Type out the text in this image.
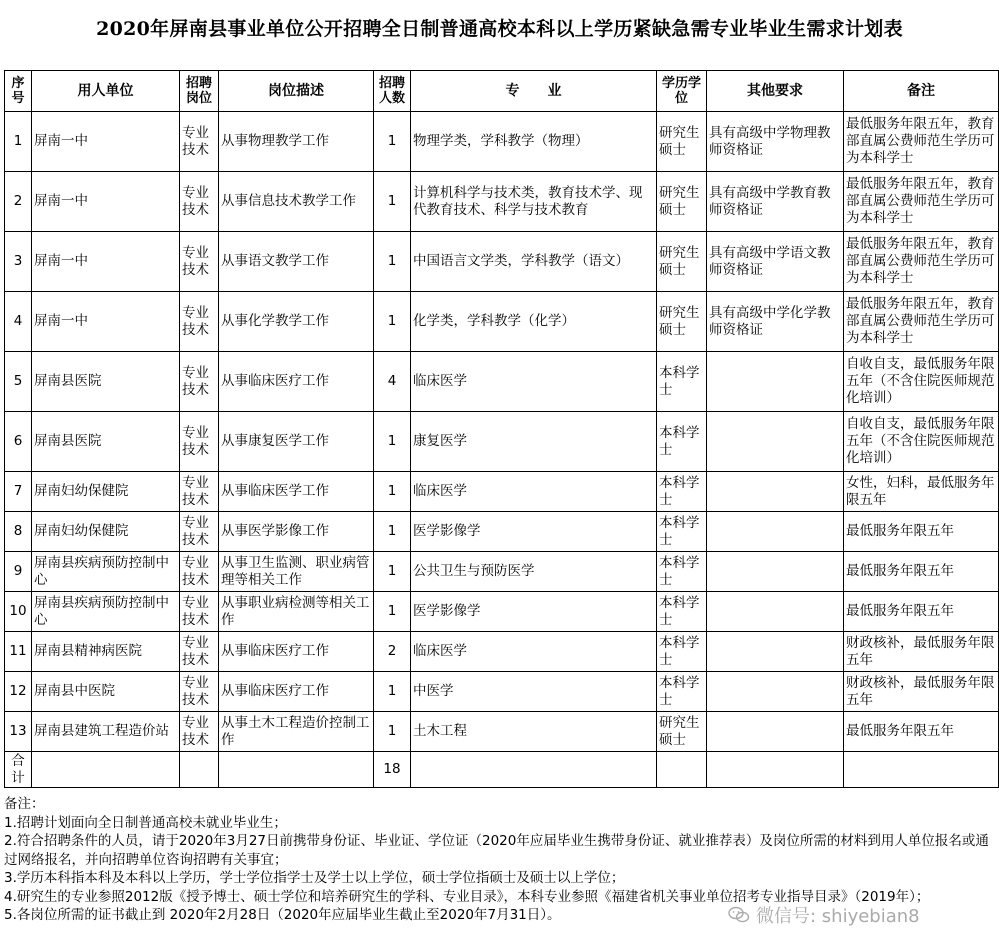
2020年屏南县事业单位公开招聘全日制普通高校本科以上学历紧缺急需专业毕业生需求计划表
序号	用人单位	招聘岗位	岗位描述	招聘人数	专　　业	学历学位	其他要求	备注
1	屏南一中	专业技术	从事物理教学工作	1	物理学类，学科教学（物理）	研究生硕士	具有高级中学物理教师资格证	最低服务年限五年，教育部直属公费师范生学历可为本科学士
2	屏南一中	专业技术	从事信息技术教学工作	1	计算机科学与技术类，教育技术学、现代教育技术、科学与技术教育	研究生硕士	具有高级中学教育教师资格证	最低服务年限五年，教育部直属公费师范生学历可为本科学士
3	屏南一中	专业技术	从事语文教学工作	1	中国语言文学类，学科教学（语文）	研究生硕士	具有高级中学语文教师资格证	最低服务年限五年，教育部直属公费师范生学历可为本科学士
4	屏南一中	专业技术	从事化学教学工作	1	化学类，学科教学（化学）	研究生硕士	具有高级中学化学教师资格证	最低服务年限五年，教育部直属公费师范生学历可为本科学士
5	屏南县医院	专业技术	从事临床医疗工作	4	临床医学	本科学士		自收自支，最低服务年限五年（不含住院医师规范化培训）
6	屏南县医院	专业技术	从事康复医学工作	1	康复医学	本科学士		自收自支，最低服务年限五年（不含住院医师规范化培训）
7	屏南妇幼保健院	专业技术	从事临床医学工作	1	临床医学	本科学士		女性，妇科，最低服务年限五年
8	屏南妇幼保健院	专业技术	从事医学影像工作	1	医学影像学	本科学士		最低服务年限五年
9	屏南县疾病预防控制中心	专业技术	从事卫生监测、职业病管理等相关工作	1	公共卫生与预防医学	本科学士		最低服务年限五年
10	屏南县疾病预防控制中心	专业技术	从事职业病检测等相关工作	1	医学影像学	本科学士		最低服务年限五年
11	屏南县精神病医院	专业技术	从事临床医疗工作	2	临床医学	本科学士		财政核补，最低服务年限五年
12	屏南县中医院	专业技术	从事临床医疗工作	1	中医学	本科学士		财政核补，最低服务年限五年
13	屏南县建筑工程造价站	专业技术	从事土木工程造价控制工作	1	土木工程	研究生硕士		最低服务年限五年
合计				18				
备注：
1.招聘计划面向全日制普通高校未就业毕业生；
2.符合招聘条件的人员，请于2020年3月27日前携带身份证、毕业证、学位证（2020年应届毕业生携带身份证、就业推荐表）及岗位所需的材料到用人单位报名或通过网络报名，并向招聘单位咨询招聘有关事宜；
3.学历本科指本科及本科以上学历，学士学位指学士及学士以上学位，硕士学位指硕士及硕士以上学位；
4.研究生的专业参照2012版《授予博士、硕士学位和培养研究生的学科、专业目录》，本科专业参照《福建省机关事业单位招考专业指导目录》（2019年）；
5.各岗位所需的证书截止到 2020年2月28日（2020年应届毕业生截止至2020年7月31日）。	微信号: shiyebian8
